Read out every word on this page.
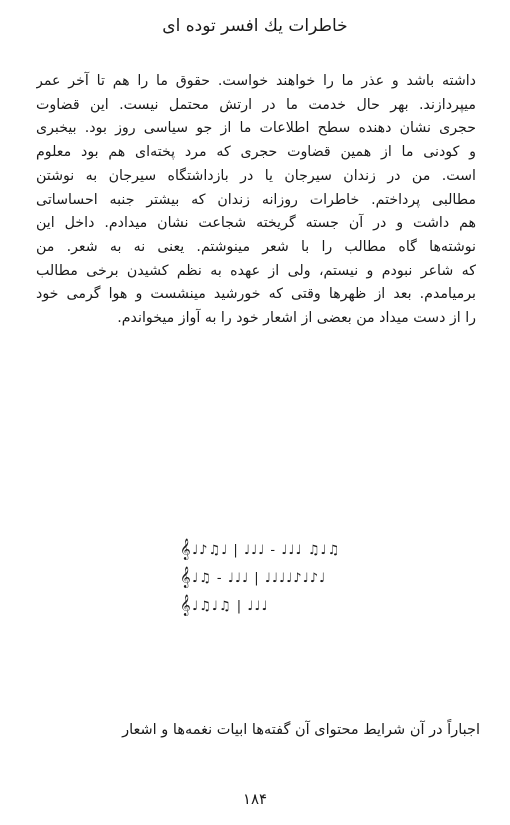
خاطرات یك افسر توده ای
داشته باشد و عذر ما را خواهند خواست. حقوق ما را هم تا آخر عمر
میپردازند. بهر حال خدمت ما در ارتش محتمل نیست. این قضاوت
حجری نشان دهنده سطح اطلاعات ما از جو سیاسی روز بود. بیخبری
و کودنی ما از همین قضاوت حجری که مرد پخته‌ای هم بود معلوم
است. من در زندان سیرجان یا در بازداشتگاه سیرجان به نوشتن
مطالبی پرداختم. خاطرات روزانه زندان که بیشتر جنبه احساساتی
هم داشت و در آن جسته گریخته شجاعت نشان میدادم. داخل این
نوشته‌ها گاه مطالب را با شعر مینوشتم. یعنی نه به شعر. من
که شاعر نبودم و نیستم، ولی از عهده به نظم کشیدن برخی مطالب
برمیامدم. بعد از ظهرها وقتی که خورشید مینشست و هوا گرمی خود
را از دست میداد من بعضی از اشعار خود را به آواز میخواندم.
𝄞 ♩♪♫♩ | ♩♩♩ - ♩♩♩ ♫♩♫
𝄞 ♩♫ - ♩♩♩ | ♩♩♩♩♪♩♪♩
𝄞 ♩♫♩♫ | ♩♩♩
اجباراً در آن شرایط محتوای آن گفته‌ها ابیات نغمه‌ها و اشعار
۱۸۴
